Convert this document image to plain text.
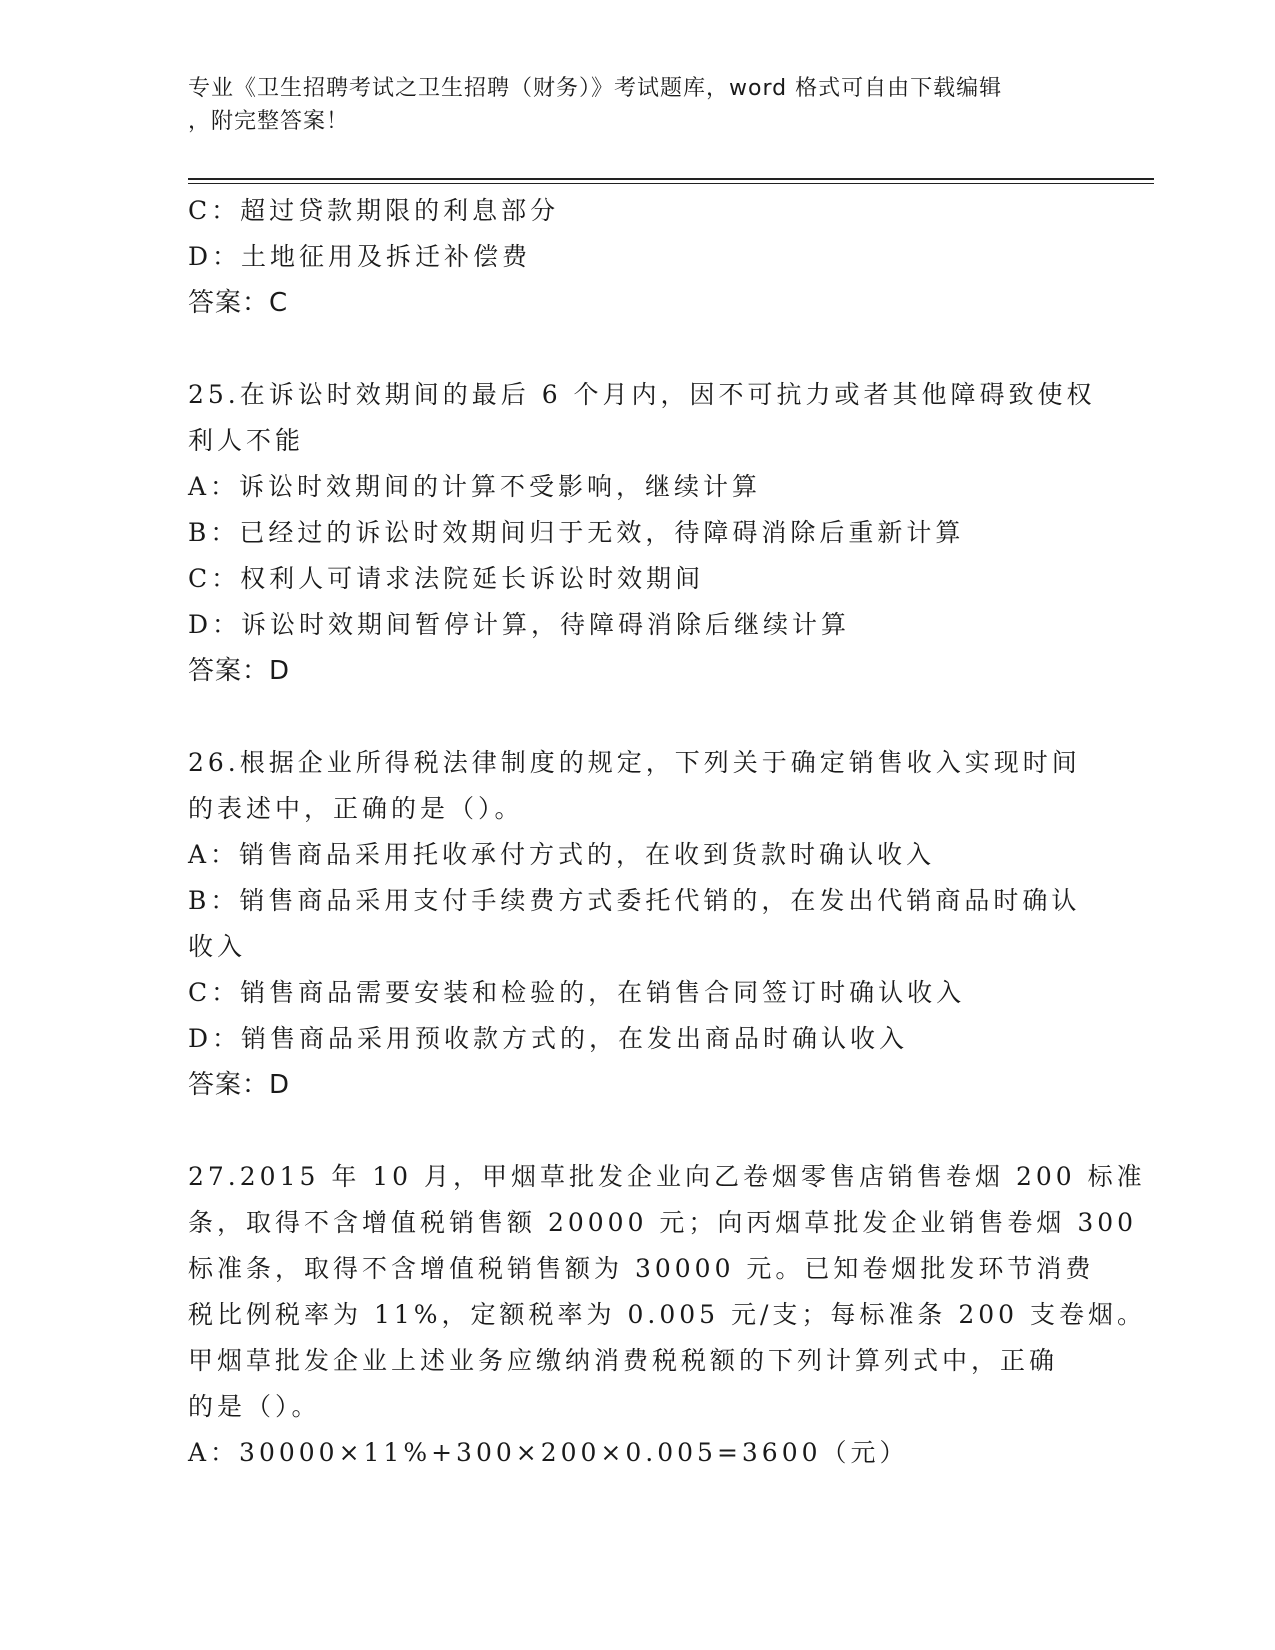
专业《卫生招聘考试之卫生招聘（财务）》考试题库，word 格式可自由下载编辑
，附完整答案！
C：超过贷款期限的利息部分
D：土地征用及拆迁补偿费
答案：C
25.在诉讼时效期间的最后 6 个月内，因不可抗力或者其他障碍致使权
利人不能
A：诉讼时效期间的计算不受影响，继续计算
B：已经过的诉讼时效期间归于无效，待障碍消除后重新计算
C：权利人可请求法院延长诉讼时效期间
D：诉讼时效期间暂停计算，待障碍消除后继续计算
答案：D
26.根据企业所得税法律制度的规定，下列关于确定销售收入实现时间
的表述中，正确的是（）。
A：销售商品采用托收承付方式的，在收到货款时确认收入
B：销售商品采用支付手续费方式委托代销的，在发出代销商品时确认
收入
C：销售商品需要安装和检验的，在销售合同签订时确认收入
D：销售商品采用预收款方式的，在发出商品时确认收入
答案：D
27.2015 年 10 月，甲烟草批发企业向乙卷烟零售店销售卷烟 200 标准
条，取得不含增值税销售额 20000 元；向丙烟草批发企业销售卷烟 300
标准条，取得不含增值税销售额为 30000 元。已知卷烟批发环节消费
税比例税率为 11%，定额税率为 0.005 元/支；每标准条 200 支卷烟。
甲烟草批发企业上述业务应缴纳消费税税额的下列计算列式中，正确
的是（）。
A：30000×11%+300×200×0.005=3600（元）
